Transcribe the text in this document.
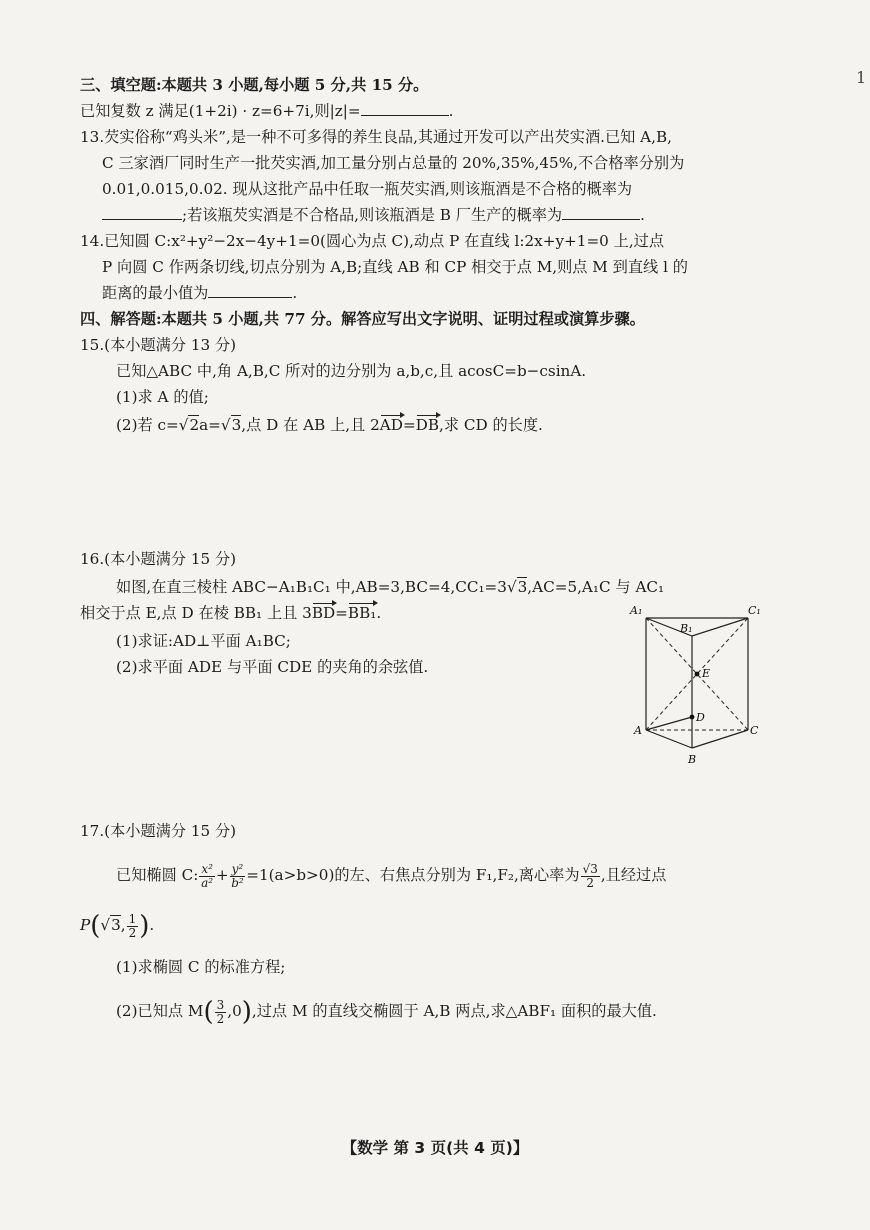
1
三、填空题:本题共 3 小题,每小题 5 分,共 15 分。
已知复数 z 满足(1+2i) · z=6+7i,则|z|=	.
13.芡实俗称“鸡头米”,是一种不可多得的养生良品,其通过开发可以产出芡实酒.已知 A,B,
C 三家酒厂同时生产一批芡实酒,加工量分别占总量的 20%,35%,45%,不合格率分别为
0.01,0.015,0.02. 现从这批产品中任取一瓶芡实酒,则该瓶酒是不合格的概率为
;若该瓶芡实酒是不合格品,则该瓶酒是 B 厂生产的概率为	.
14.已知圆 C:x²+y²−2x−4y+1=0(圆心为点 C),动点 P 在直线 l:2x+y+1=0 上,过点
P 向圆 C 作两条切线,切点分别为 A,B;直线 AB 和 CP 相交于点 M,则点 M 到直线 l 的
距离的最小值为	.
四、解答题:本题共 5 小题,共 77 分。解答应写出文字说明、证明过程或演算步骤。
15.(本小题满分 13 分)
已知△ABC 中,角 A,B,C 所对的边分别为 a,b,c,且 acosC=b−csinA.
(1)求 A 的值;
(2)若 c=√2a=√3,点 D 在 AB 上,且 2AD=DB,求 CD 的长度.
16.(本小题满分 15 分)
如图,在直三棱柱 ABC−A₁B₁C₁ 中,AB=3,BC=4,CC₁=3√3,AC=5,A₁C 与 AC₁
相交于点 E,点 D 在棱 BB₁ 上且 3BD=BB₁.
(1)求证:AD⊥平面 A₁BC;
(2)求平面 ADE 与平面 CDE 的夹角的余弦值.
A₁
B₁
C₁
E
D
A	C
B
17.(本小题满分 15 分)
已知椭圆 C: $\frac{\text{x²}}{\text{a²}} + \frac{\text{y²}}{\text{b²}} =1(a>b>0)$的左、右焦点分别为 F₁,F₂,离心率为 $\frac{√3}{2}$ ,且经过点
P(√3, $\frac{1}{2}$ ).
(1)求椭圆 C 的标准方程;
(2)已知点 $M( \frac{3}{2} ,0)$,过点 M 的直线交椭圆于 A,B 两点,求△ABF₁ 面积的最大值.
【数学 第 3 页(共 4 页)】
